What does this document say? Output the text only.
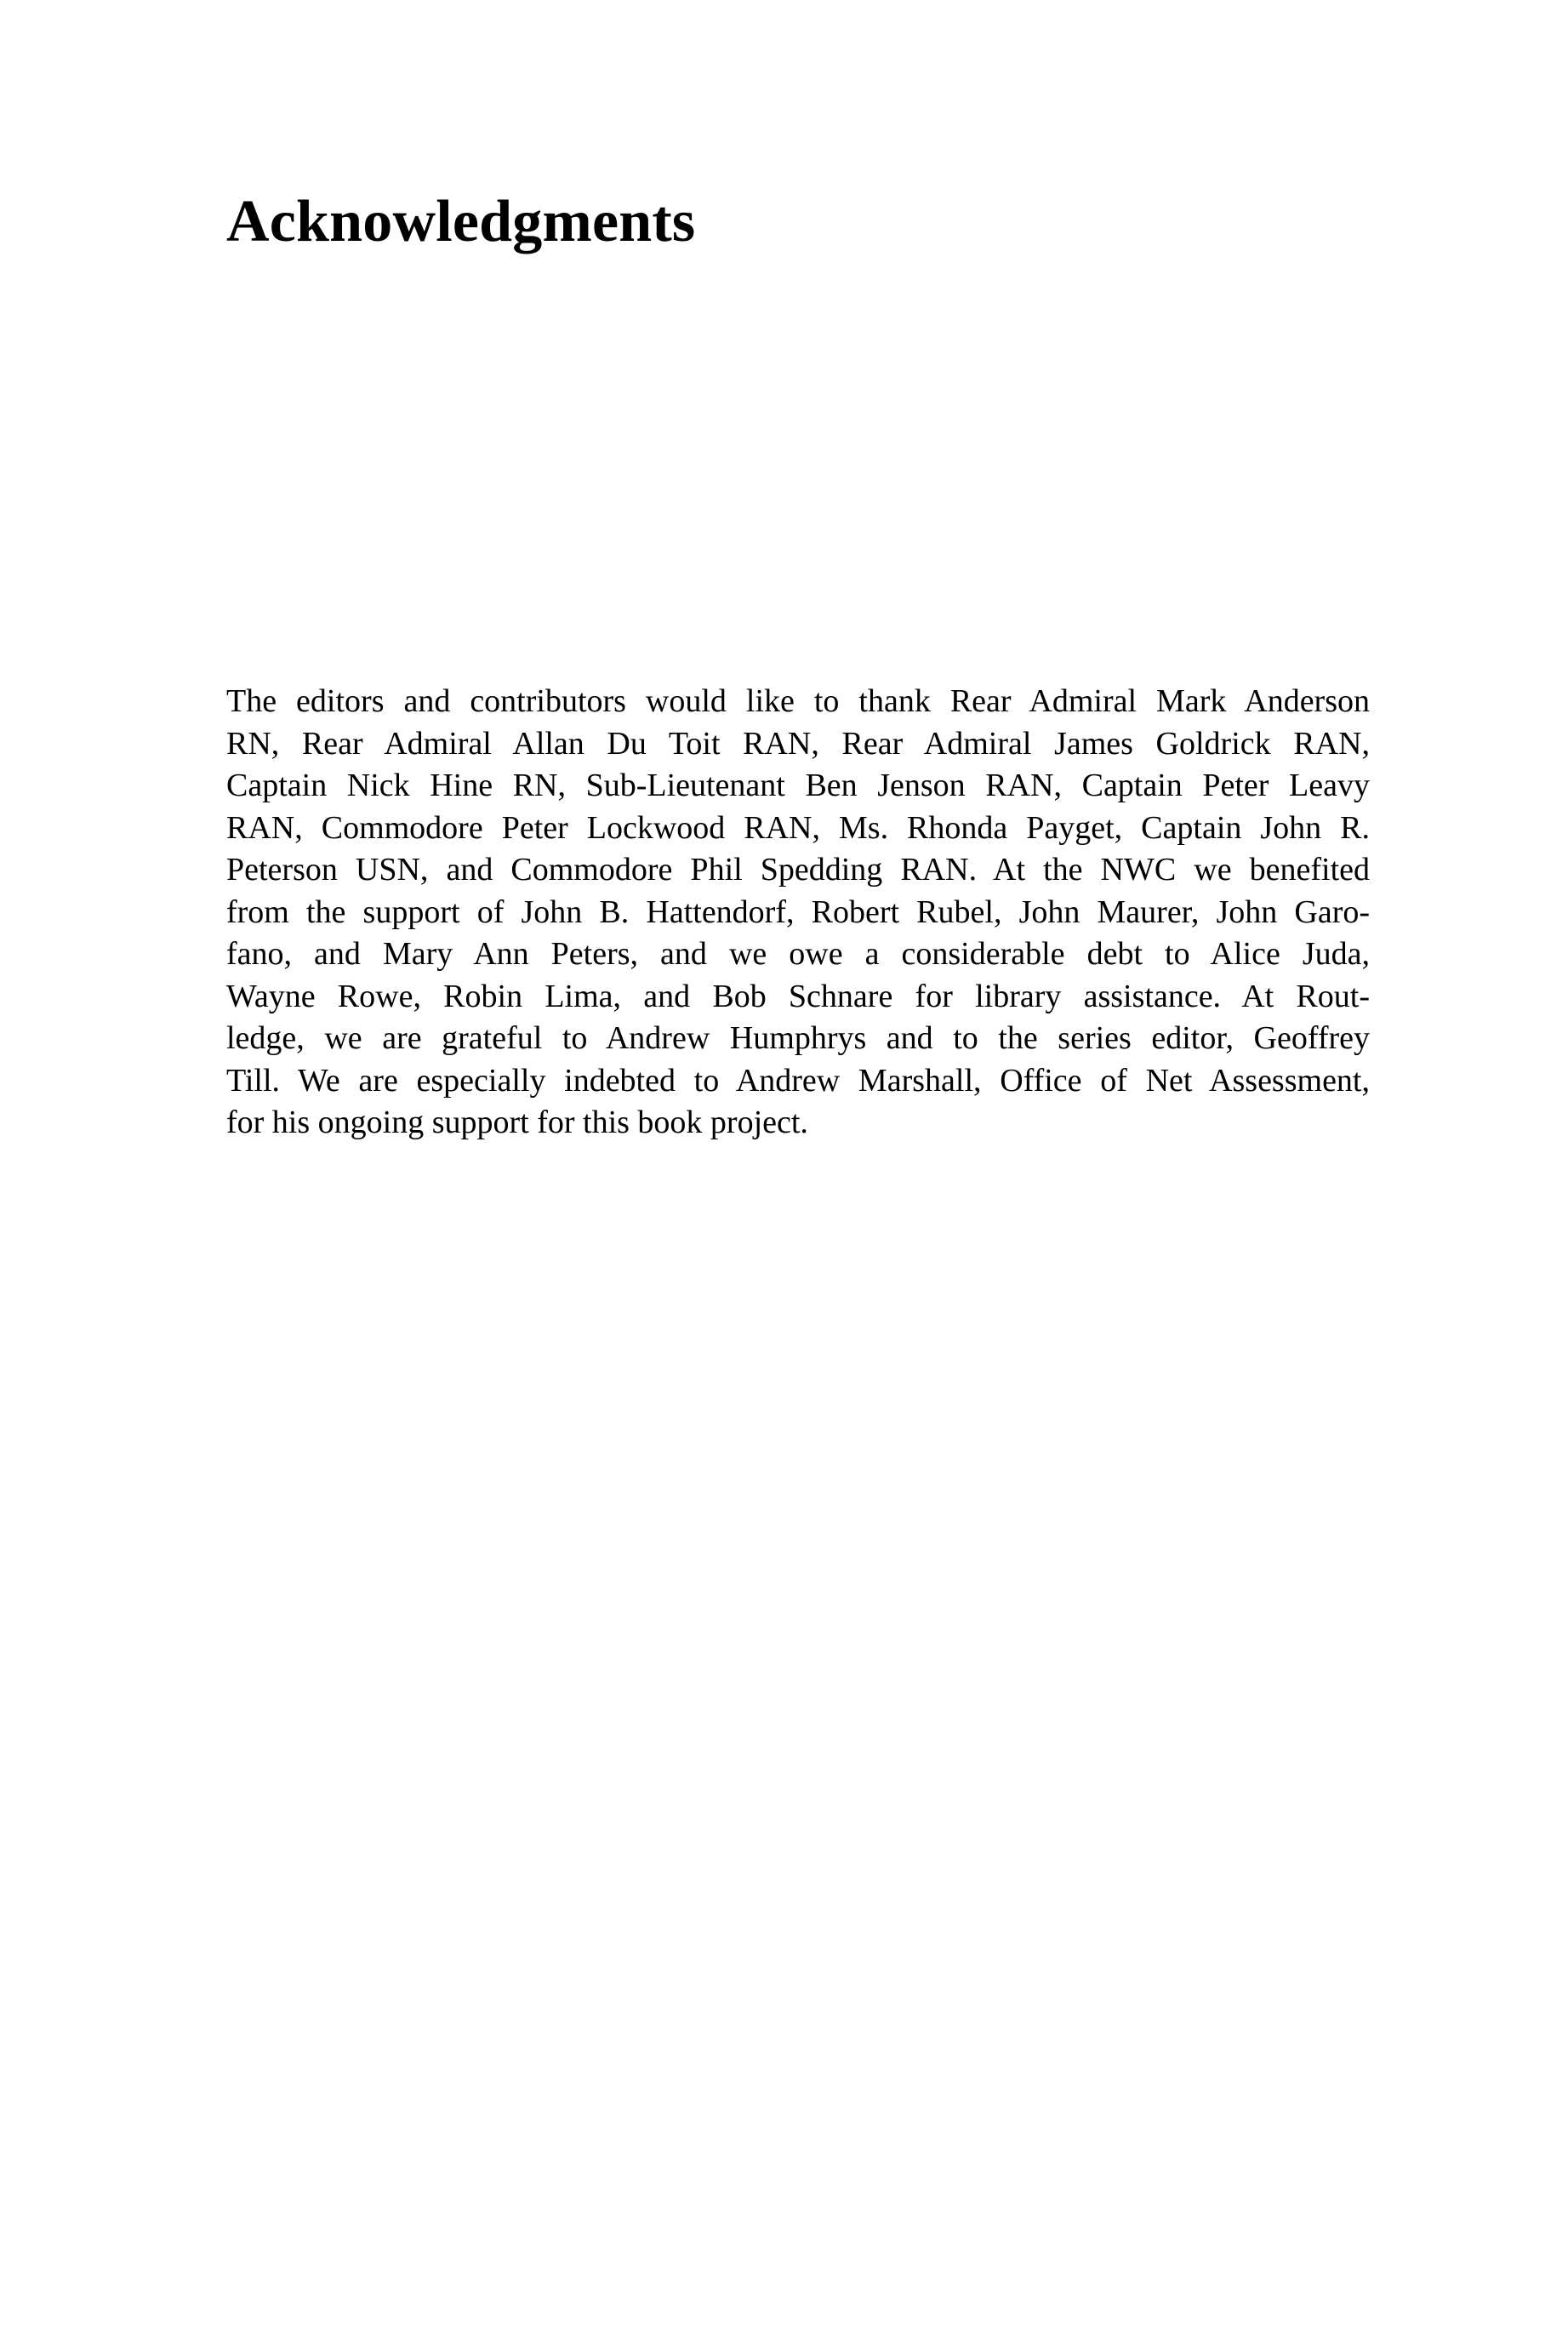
Acknowledgments
The editors and contributors would like to thank Rear Admiral Mark Anderson
RN, Rear Admiral Allan Du Toit RAN, Rear Admiral James Goldrick RAN,
Captain Nick Hine RN, Sub-Lieutenant Ben Jenson RAN, Captain Peter Leavy
RAN, Commodore Peter Lockwood RAN, Ms. Rhonda Payget, Captain John R.
Peterson USN, and Commodore Phil Spedding RAN. At the NWC we benefited
from the support of John B. Hattendorf, Robert Rubel, John Maurer, John Garo-
fano, and Mary Ann Peters, and we owe a considerable debt to Alice Juda,
Wayne Rowe, Robin Lima, and Bob Schnare for library assistance. At Rout-
ledge, we are grateful to Andrew Humphrys and to the series editor, Geoffrey
Till. We are especially indebted to Andrew Marshall, Office of Net Assessment,
for his ongoing support for this book project.
